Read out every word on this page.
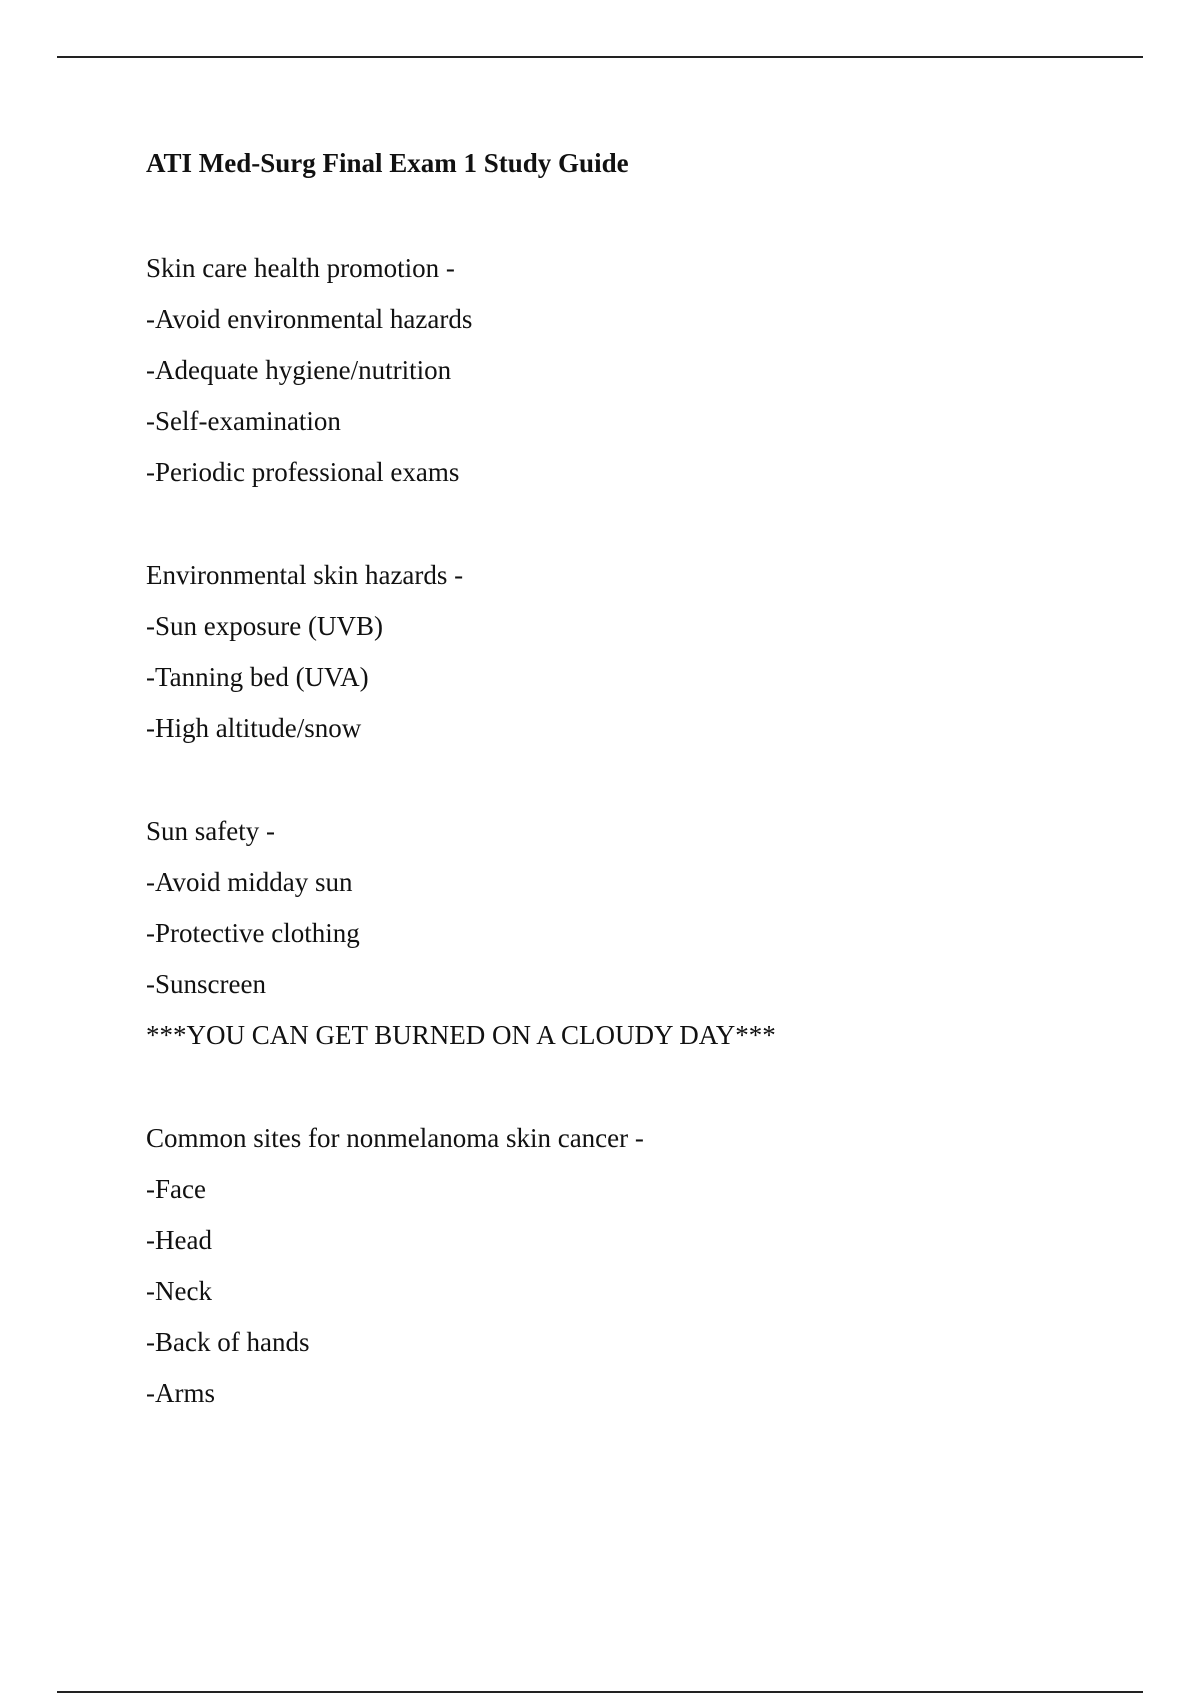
ATI Med-Surg Final Exam 1 Study Guide
Skin care health promotion -
-Avoid environmental hazards
-Adequate hygiene/nutrition
-Self-examination
-Periodic professional exams
Environmental skin hazards -
-Sun exposure (UVB)
-Tanning bed (UVA)
-High altitude/snow
Sun safety -
-Avoid midday sun
-Protective clothing
-Sunscreen
***YOU CAN GET BURNED ON A CLOUDY DAY***
Common sites for nonmelanoma skin cancer -
-Face
-Head
-Neck
-Back of hands
-Arms
